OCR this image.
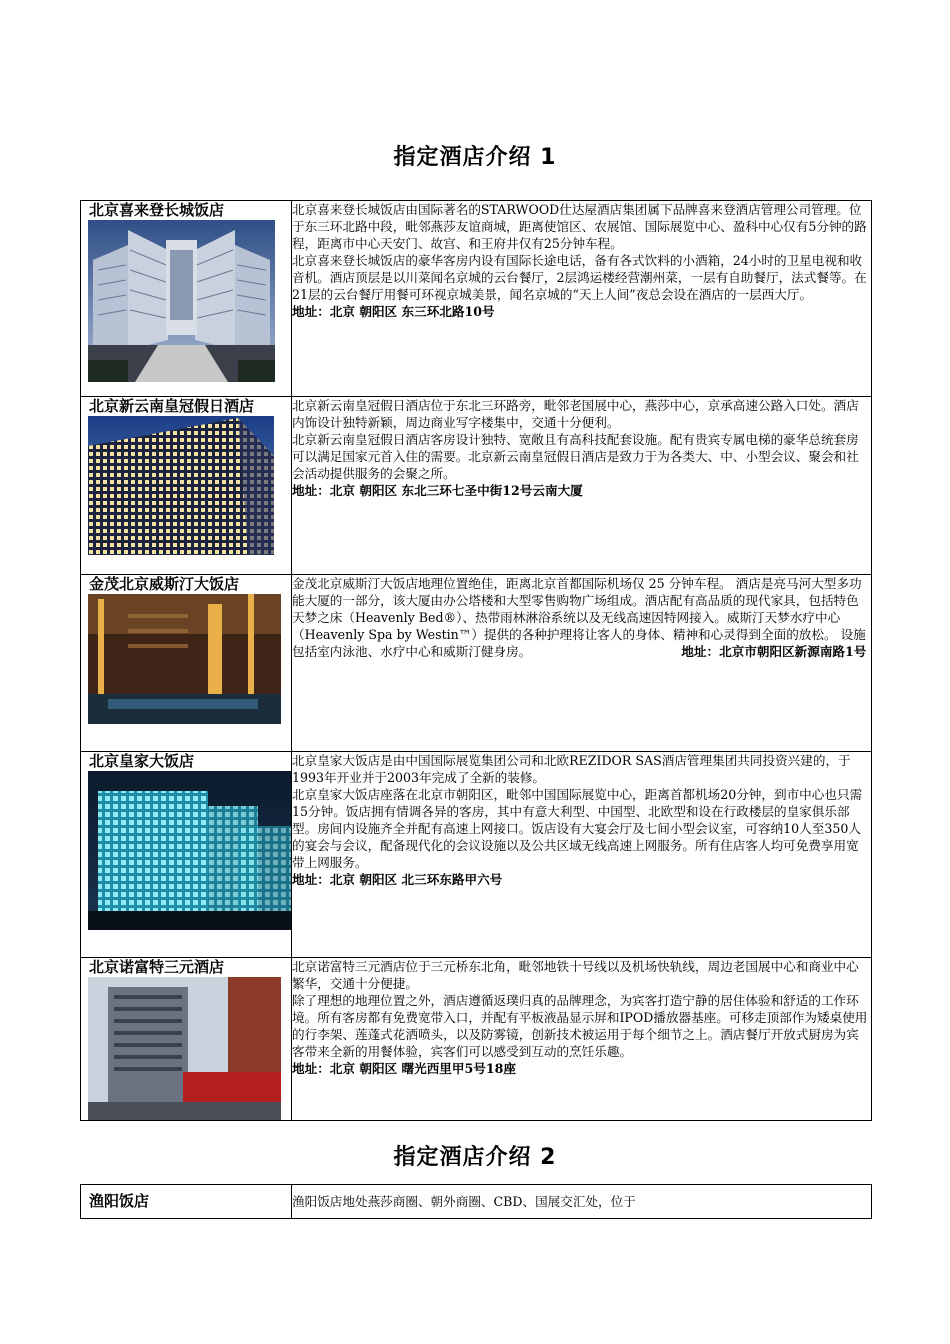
指定酒店介绍 1
北京喜来登长城饭店	北京喜来登长城饭店由国际著名的STARWOOD仕达屋酒店集团属下品牌喜来登酒店管理公司管理。位于东三环北路中段，毗邻燕莎友谊商城，距离使馆区、农展馆、国际展览中心、盈科中心仅有5分钟的路程，距离市中心天安门、故宫、和王府井仅有25分钟车程。

北京喜来登长城饭店的豪华客房内设有国际长途电话，备有各式饮料的小酒箱，24小时的卫星电视和收音机。酒店顶层是以川菜闻名京城的云台餐厅，2层鸿运楼经营潮州菜，一层有自助餐厅，法式餐等。在21层的云台餐厅用餐可环视京城美景，闻名京城的“天上人间”夜总会设在酒店的一层西大厅。

地址：北京 朝阳区 东三环北路10号

北京新云南皇冠假日酒店	北京新云南皇冠假日酒店位于东北三环路旁，毗邻老国展中心，燕莎中心，京承高速公路入口处。酒店内饰设计独特新颖，周边商业写字楼集中，交通十分便利。

北京新云南皇冠假日酒店客房设计独特、宽敞且有高科技配套设施。配有贵宾专属电梯的豪华总统套房可以满足国家元首入住的需要。北京新云南皇冠假日酒店是致力于为各类大、中、小型会议、聚会和社会活动提供服务的会聚之所。

地址：北京 朝阳区 东北三环七圣中街12号云南大厦

金茂北京威斯汀大饭店	金茂北京威斯汀大饭店地理位置绝佳，距离北京首都国际机场仅 25 分钟车程。 酒店是亮马河大型多功能大厦的一部分，该大厦由办公塔楼和大型零售购物广场组成。酒店配有高品质的现代家具，包括特色天梦之床（Heavenly Bed®）、热带雨林淋浴系统以及无线高速因特网接入。威斯汀天梦水疗中心（Heavenly Spa by Westin™）提供的各种护理将让客人的身体、精神和心灵得到全面的放松。 设施包括室内泳池、水疗中心和威斯汀健身房。 地址：北京市朝阳区新源南路1号

北京皇家大饭店	北京皇家大饭店是由中国国际展览集团公司和北欧REZIDOR SAS酒店管理集团共同投资兴建的，于1993年开业并于2003年完成了全新的装修。

北京皇家大饭店座落在北京市朝阳区，毗邻中国国际展览中心，距离首都机场20分钟，到市中心也只需15分钟。饭店拥有情调各异的客房，其中有意大利型、中国型、北欧型和设在行政楼层的皇家俱乐部型。房间内设施齐全并配有高速上网接口。饭店设有大宴会厅及七间小型会议室，可容纳10人至350人的宴会与会议，配备现代化的会议设施以及公共区域无线高速上网服务。所有住店客人均可免费享用宽带上网服务。

地址：北京 朝阳区 北三环东路甲六号

北京诺富特三元酒店	北京诺富特三元酒店位于三元桥东北角，毗邻地铁十号线以及机场快轨线，周边老国展中心和商业中心繁华，交通十分便捷。

除了理想的地理位置之外，酒店遵循返璞归真的品牌理念，为宾客打造宁静的居住体验和舒适的工作环境。所有客房都有免费宽带入口，并配有平板液晶显示屏和IPOD播放器基座。可移走顶部作为矮桌使用的行李架、莲蓬式花洒喷头，以及防雾镜，创新技术被运用于每个细节之上。酒店餐厅开放式厨房为宾客带来全新的用餐体验，宾客们可以感受到互动的烹饪乐趣。

地址：北京 朝阳区 曙光西里甲5号18座

指定酒店介绍 2
渔阳饭店	渔阳饭店地处燕莎商圈、朝外商圈、CBD、国展交汇处，位于
